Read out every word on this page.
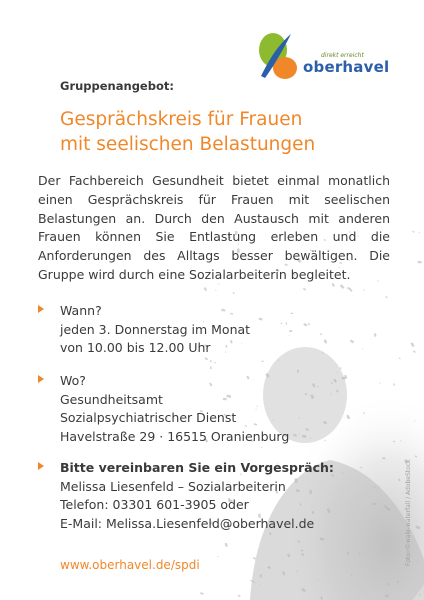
direkt erreicht
oberhavel
Gruppenangebot:
Gesprächskreis für Frauen
mit seelischen Belastungen
Der Fachbereich Gesundheit bietet einmal monatlich einen Gesprächskreis für Frauen mit seelischen Belastungen an. Durch den Austausch mit anderen Frauen können Sie Entlastung erleben und die Anforderungen des Alltags besser bewältigen. Die Gruppe wird durch eine Sozialarbeiterin begleitet.
Wann?
jeden 3. Donnerstag im Monat
von 10.00 bis 12.00 Uhr
Wo?
Gesundheitsamt
Sozialpsychiatrischer Dienst
Havelstraße 29 · 16515 Oranienburg
Bitte vereinbaren Sie ein Vorgespräch:
Melissa Liesenfeld – Sozialarbeiterin
Telefon: 03301 601-3905 oder
E-Mail: Melissa.Liesenfeld@oberhavel.de
www.oberhavel.de/spdi	Foto: ©wale-waterfall / AdobeStock
